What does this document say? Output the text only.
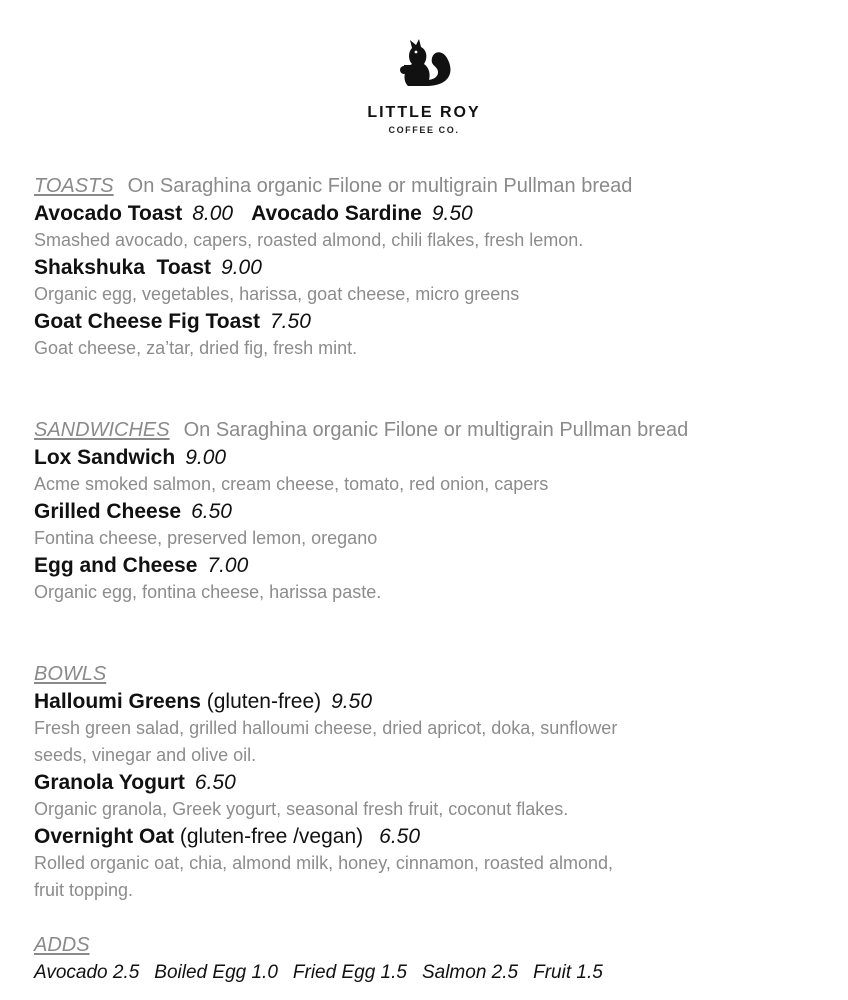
LITTLE ROY
COFFEE CO.
TOASTS On Saraghina organic Filone or multigrain Pullman bread
Avocado Toast 8.00 Avocado Sardine 9.50
Smashed avocado, capers, roasted almond, chili flakes, fresh lemon.
Shakshuka  Toast 9.00
Organic egg, vegetables, harissa, goat cheese, micro greens
Goat Cheese Fig Toast 7.50
Goat cheese, za’tar, dried fig, fresh mint.
SANDWICHES On Saraghina organic Filone or multigrain Pullman bread
Lox Sandwich 9.00
Acme smoked salmon, cream cheese, tomato, red onion, capers
Grilled Cheese 6.50
Fontina cheese, preserved lemon, oregano
Egg and Cheese 7.00
Organic egg, fontina cheese, harissa paste.
BOWLS
Halloumi Greens (gluten-free) 9.50
Fresh green salad, grilled halloumi cheese, dried apricot, doka, sunflower
seeds, vinegar and olive oil.
Granola Yogurt 6.50
Organic granola, Greek yogurt, seasonal fresh fruit, coconut flakes.
Overnight Oat (gluten-free /vegan) 6.50
Rolled organic oat, chia, almond milk, honey, cinnamon, roasted almond,
fruit topping.
ADDS
Avocado 2.5 Boiled Egg 1.0 Fried Egg 1.5 Salmon 2.5 Fruit 1.5
